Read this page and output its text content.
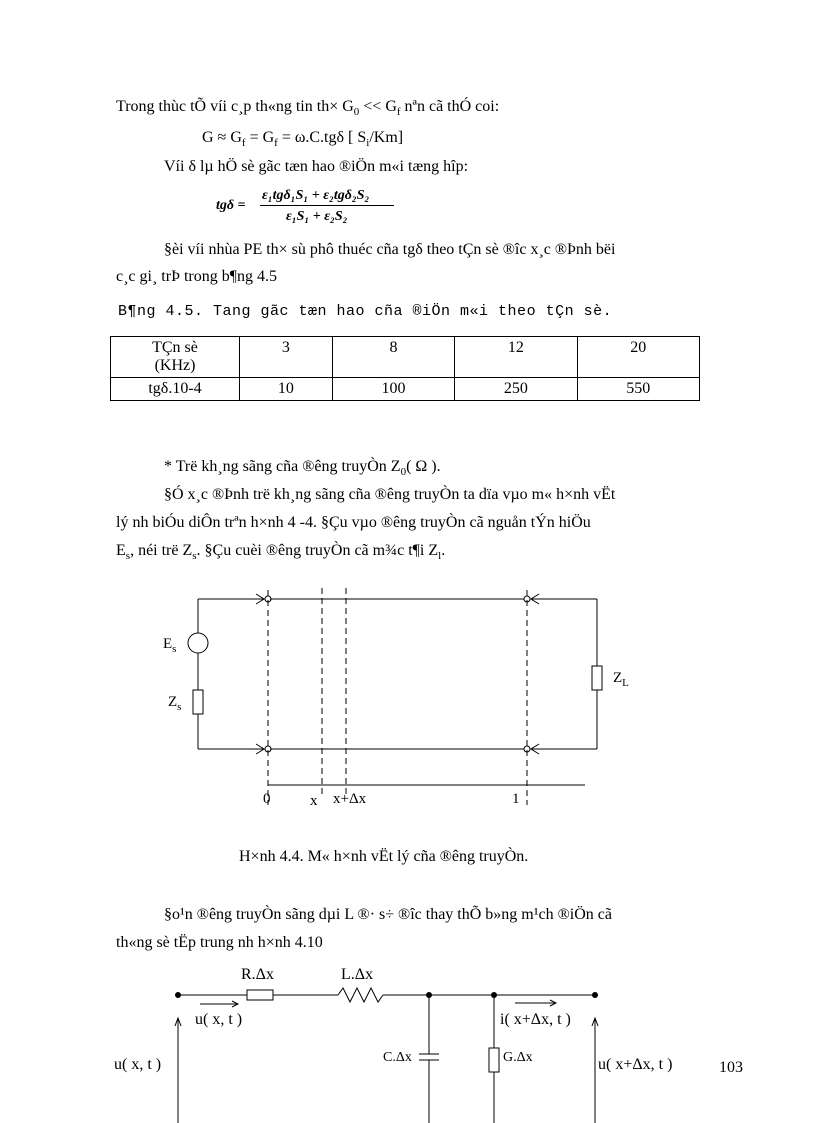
Trong thùc tÕ víi c¸p th«ng tin $th\times G_0 << G_f$ nªn cã thÓ coi:
$G \approx G_f = G_f = \omega.C.tg\delta$ [ $S_i/Km$]
Víi δ lµ hÖ sè gãc tæn hao ®iÖn m«i tæng hîp:
tgδ =
ε₁tgδ₁S₁ + ε₂tgδ₂S₂
ε₁S₁ + ε₂S₂
§èi víi nhùa PE th× sù phô thuéc cña tgδ theo tÇn sè ®îc x¸c ®Þnh bëi
c¸c gi¸ trÞ trong b¶ng 4.5
B¶ng 4.5. Tang gãc tæn hao cña ®iÖn m«i theo tÇn sè.
TÇn sè
(KHz)	3	8	12	20
tgδ.10-4	10	100	250	550
* Trë kh¸ng sãng cña ®êng truyÒn $Z_0$( Ω ).
§Ó x¸c ®Þnh trë kh¸ng sãng cña ®êng truyÒn ta dïa vµo m« h×nh vËt
lý nh biÓu diÔn trªn h×nh 4 -4. §Çu vµo ®êng truyÒn cã nguån tÝn hiÖu
$E_s$, néi trë $Z_s$. §Çu cuèi ®êng truyÒn cã m¾c t¶i $Z_l$.
$E_s$
$Z_s$
$Z_L$
0	x x+Δx	1
H×nh 4.4. M« h×nh vËt lý cña ®êng truyÒn.
§o¹n ®êng truyÒn sãng dµi L ®· s÷ ®îc thay thÕ b»ng m¹ch ®iÖn cã
th«ng sè tËp trung nh h×nh 4.10
R.Δx	L.Δx
u( x, t )
u( x, t )	C.Δx	G.Δx
i( x+Δx, t )
u( x+Δx, t )	103
